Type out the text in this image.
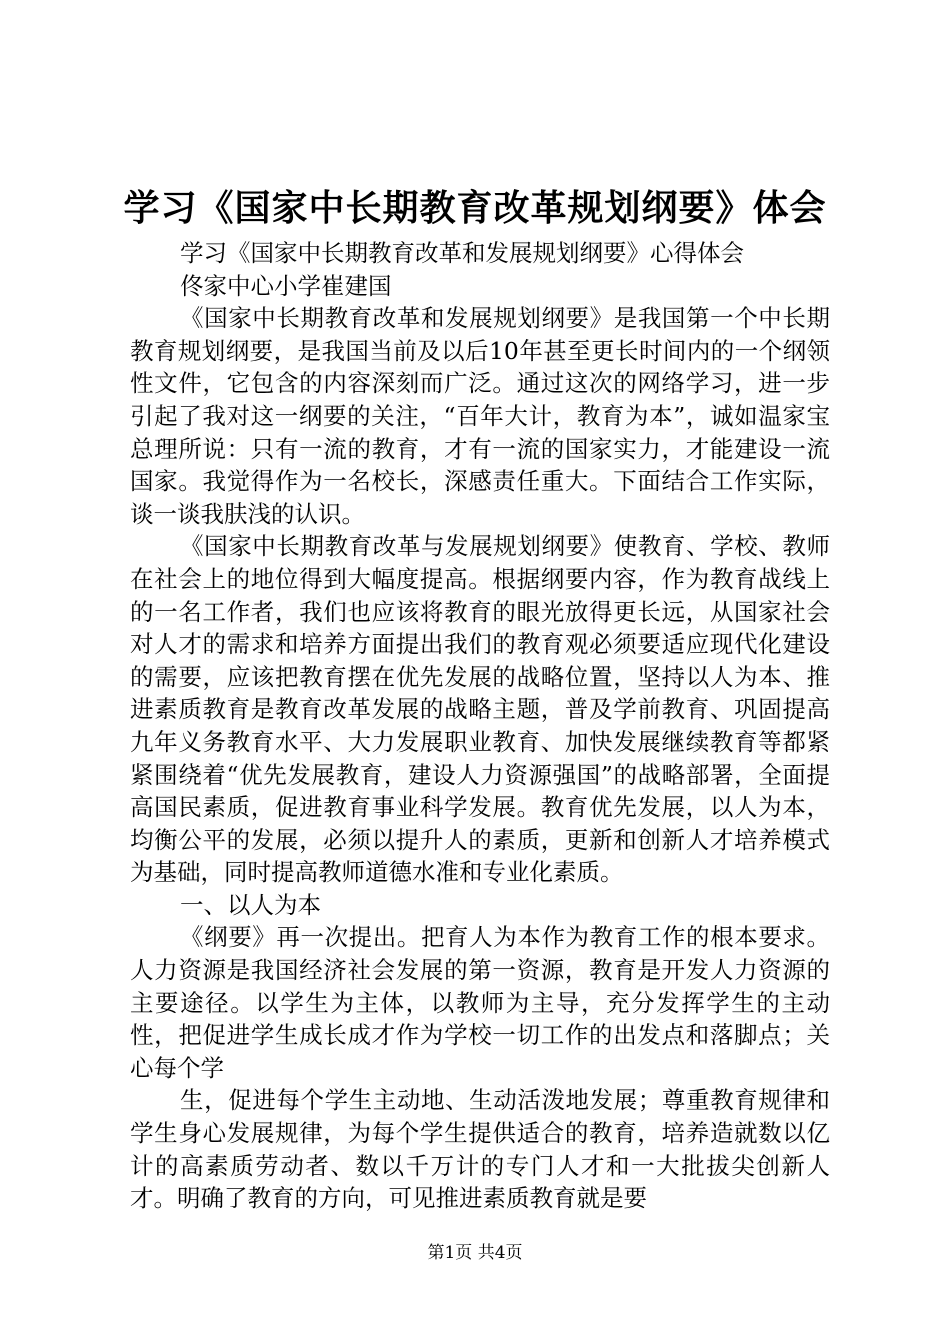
学习《国家中长期教育改革规划纲要》体会

学习《国家中长期教育改革和发展规划纲要》心得体会

佟家中心小学崔建国

《国家中长期教育改革和发展规划纲要》是我国第一个中长期教育规划纲要，是我国当前及以后10年甚至更长时间内的一个纲领性文件，它包含的内容深刻而广泛。通过这次的网络学习，进一步引起了我对这一纲要的关注，“百年大计，教育为本”，诚如温家宝总理所说：只有一流的教育，才有一流的国家实力，才能建设一流国家。我觉得作为一名校长，深感责任重大。下面结合工作实际，谈一谈我肤浅的认识。

《国家中长期教育改革与发展规划纲要》使教育、学校、教师在社会上的地位得到大幅度提高。根据纲要内容，作为教育战线上的一名工作者，我们也应该将教育的眼光放得更长远，从国家社会对人才的需求和培养方面提出我们的教育观必须要适应现代化建设的需要，应该把教育摆在优先发展的战略位置，坚持以人为本、推进素质教育是教育改革发展的战略主题，普及学前教育、巩固提高九年义务教育水平、大力发展职业教育、加快发展继续教育等都紧紧围绕着“优先发展教育，建设人力资源强国”的战略部署，全面提高国民素质，促进教育事业科学发展。教育优先发展，以人为本，均衡公平的发展，必须以提升人的素质，更新和创新人才培养模式为基础，同时提高教师道德水准和专业化素质。

一、以人为本

《纲要》再一次提出。把育人为本作为教育工作的根本要求。人力资源是我国经济社会发展的第一资源，教育是开发人力资源的主要途径。以学生为主体，以教师为主导，充分发挥学生的主动性，把促进学生成长成才作为学校一切工作的出发点和落脚点；关心每个学

生，促进每个学生主动地、生动活泼地发展；尊重教育规律和学生身心发展规律，为每个学生提供适合的教育，培养造就数以亿计的高素质劳动者、数以千万计的专门人才和一大批拔尖创新人才。明确了教育的方向，可见推进素质教育就是要

第1页 共4页
